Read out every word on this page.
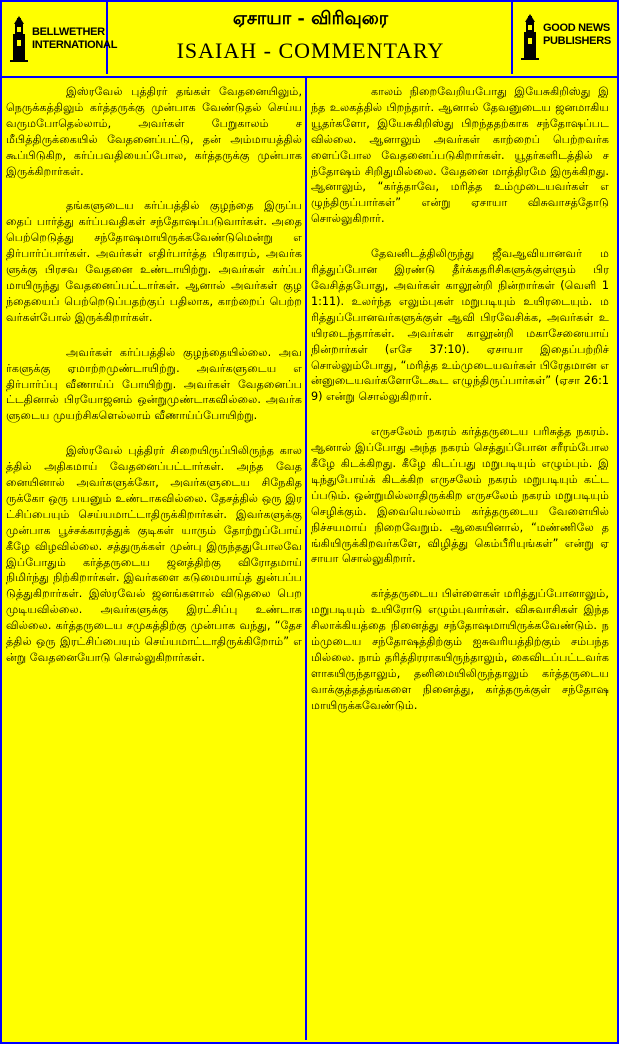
BELLWETHER
INTERNATIONAL
ஏசாயா - விரிவுரை
ISAIAH - COMMENTARY
GOOD NEWS
PUBLISHERS

இஸ்ரவேல் புத்திரர் தங்கள் வேதனையிலும், நெருக்கத்திலும் கர்த்தருக்கு முன்பாக வேண்டுதல் செய்ய வருமபோதெல்லாம், அவர்கள் பேறுகாலம் சமீபித்திருக்கையில் வேதனைப்பட்டு, தன் அம்மாயத்தில் கூப்பிடுகிற, கர்ப்பவதியைப்போல, கர்த்தருக்கு முன்பாக இருக்கிறார்கள்.

தங்களுடைய கர்ப்பத்தில் குழந்தை இருப்பதைப் பார்த்து கர்ப்பவதிகள் சந்தோஷப்படுவார்கள். அதை பெற்றெடுத்து சந்தோஷமாயிருக்கவேண்டுமென்று எதிர்பார்ப்பார்கள். அவர்கள் எதிர்பார்த்த பிரகாரம், அவர்களுக்கு பிரசவ வேதனை உண்டாயிற்று. அவர்கள் கர்ப்பமாயிருந்து வேதனைப்பட்டார்கள். ஆனால் அவர்கள் குழந்தையைப் பெற்றெடுப்பதற்குப் பதிலாக, காற்றைப் பெற்றவர்கள்போல் இருக்கிறார்கள்.

அவர்கள் கர்ப்பத்தில் குழந்தையில்லை. அவர்களுக்கு ஏமாற்றமுண்டாயிற்று. அவர்களுடைய எதிர்பார்ப்பு வீணாய்ப் போயிற்று. அவர்கள் வேதனைப்பட்டதினால் பிரயோஜனம் ஒன்றுமுண்டாகவில்லை. அவர்களுடைய முயற்சிகளெல்லாம் வீணாய்ப்போயிற்று.

இஸ்ரவேல் புத்திரர் சிறையிருப்பிலிருந்த காலத்தில் அதிகமாய் வேதனைப்பட்டார்கள். அந்த வேதனையினால் அவர்களுக்கோ, அவர்களுடைய சிநேகிதருக்கோ ஒரு பயனும் உண்டாகவில்லை. தேசத்தில் ஒரு இரட்சிப்பையும் செய்யமாட்டாதிருக்கிறார்கள். இவர்களுக்கு முன்பாக பூச்சக்காரத்துக் குடிகள் யாரும் தோற்றுப்போய் கீழே விழவில்லை. சத்துருக்கள் முன்பு இருந்ததுபோலவே இப்போதும் கர்த்தருடைய ஜனத்திற்கு விரோதமாய் நிமிர்ந்து நிற்கிறார்கள். இவர்களை கடுமையாய்த் துன்பப்படுத்துகிறார்கள். இஸ்ரவேல் ஜனங்களால் விடுதலை பெறமுடியவில்லை. அவர்களுக்கு இரட்சிப்பு உண்டாகவில்லை. கர்த்தருடைய சமுகத்திற்கு முன்பாக வந்து, “தேசத்தில் ஒரு இரட்சிப்பையும் செய்யமாட்டாதிருக்கிறோம்” என்று வேதனையோடு சொல்லுகிறார்கள்.

காலம் நிறைவேறியபோது இயேசுகிறிஸ்து இந்த உலகத்தில் பிறந்தார். ஆனால் தேவனுடைய ஜனமாகிய யூதர்களோ, இயேசுகிறிஸ்து பிறந்ததற்காக சந்தோஷப்படவில்லை. ஆனாலும் அவர்கள் காற்றைப் பெற்றவர்களைப்போல வேதனைப்படுகிறார்கள். யூதர்களிடத்தில் சந்தோஷம் சிறிதுமில்லை. வேதனை மாத்திரமே இருக்கிறது. ஆனாலும், “கர்த்தாவே, மரித்த உம்முடையவர்கள் எழுந்திருப்பார்கள்” என்று ஏசாயா விசுவாசத்தோடு சொல்லுகிறார்.

தேவனிடத்திலிருந்து ஜீவஆவியானவர் மரித்துப்போன இரண்டு தீர்க்கதரிசிகளுக்குள்ளும் பிரவேசித்தபோது, அவர்கள் காலூன்றி நின்றார்கள் (வெளி 11:11). உலர்ந்த எலும்புகள் மறுபடியும் உயிரடையும். மரித்துப்போனவர்களுக்குள் ஆவி பிரவேசிக்க, அவர்கள் உயிரடைந்தார்கள். அவர்கள் காலூன்றி மகாசேனையாய் நின்றார்கள் (எசே 37:10). ஏசாயா இதைப்பற்றிச் சொல்லும்போது, “மரித்த உம்முடையவர்கள் பிரேதமான என்னுடையவர்களோடேகூட எழுந்திருப்பார்கள்” (ஏசா 26:19) என்று சொல்லுகிறார்.

எருசலேம் நகரம் கர்த்தருடைய பரிசுத்த நகரம். ஆனால் இப்போது அந்த நகரம் செத்துப்போன சரீரம்போல கீழே கிடக்கிறது. கீழே கிடப்பது மறுபடியும் எழும்பும். இடிந்துபோய்க் கிடக்கிற எருசலேம் நகரம் மறுபடியும் கட்டப்படும். ஒன்றுமில்லாதிருக்கிற எருசலேம் நகரம் மறுபடியும் செழிக்கும். இவையெல்லாம் கர்த்தருடைய வேளையில் நிச்சயமாய் நிறைவேறும். ஆகையினால், “மண்ணிலே தங்கியிருக்கிறவர்களே, விழித்து கெம்பீரியுங்கள்” என்று ஏசாயா சொல்லுகிறார்.

கர்த்தருடைய பிள்ளைகள் மரித்துப்போனாலும், மறுபடியும் உயிரோடு எழும்புவார்கள். விசுவாசிகள் இந்த சிலாக்கியத்தை நினைத்து சந்தோஷமாயிருக்கவேண்டும். நம்முடைய சந்தோஷத்திற்கும் ஐசுவரியத்திற்கும் சம்பந்தமில்லை. நாம் தரித்திரராகயிருந்தாலும், கைவிடப்பட்டவர்களாகயிருந்தாலும், தனிமையிலிருந்தாலும் கர்த்தருடைய வாக்குத்தத்தங்களை நினைத்து, கர்த்தருக்குள் சந்தோஷமாயிருக்கவேண்டும்.
